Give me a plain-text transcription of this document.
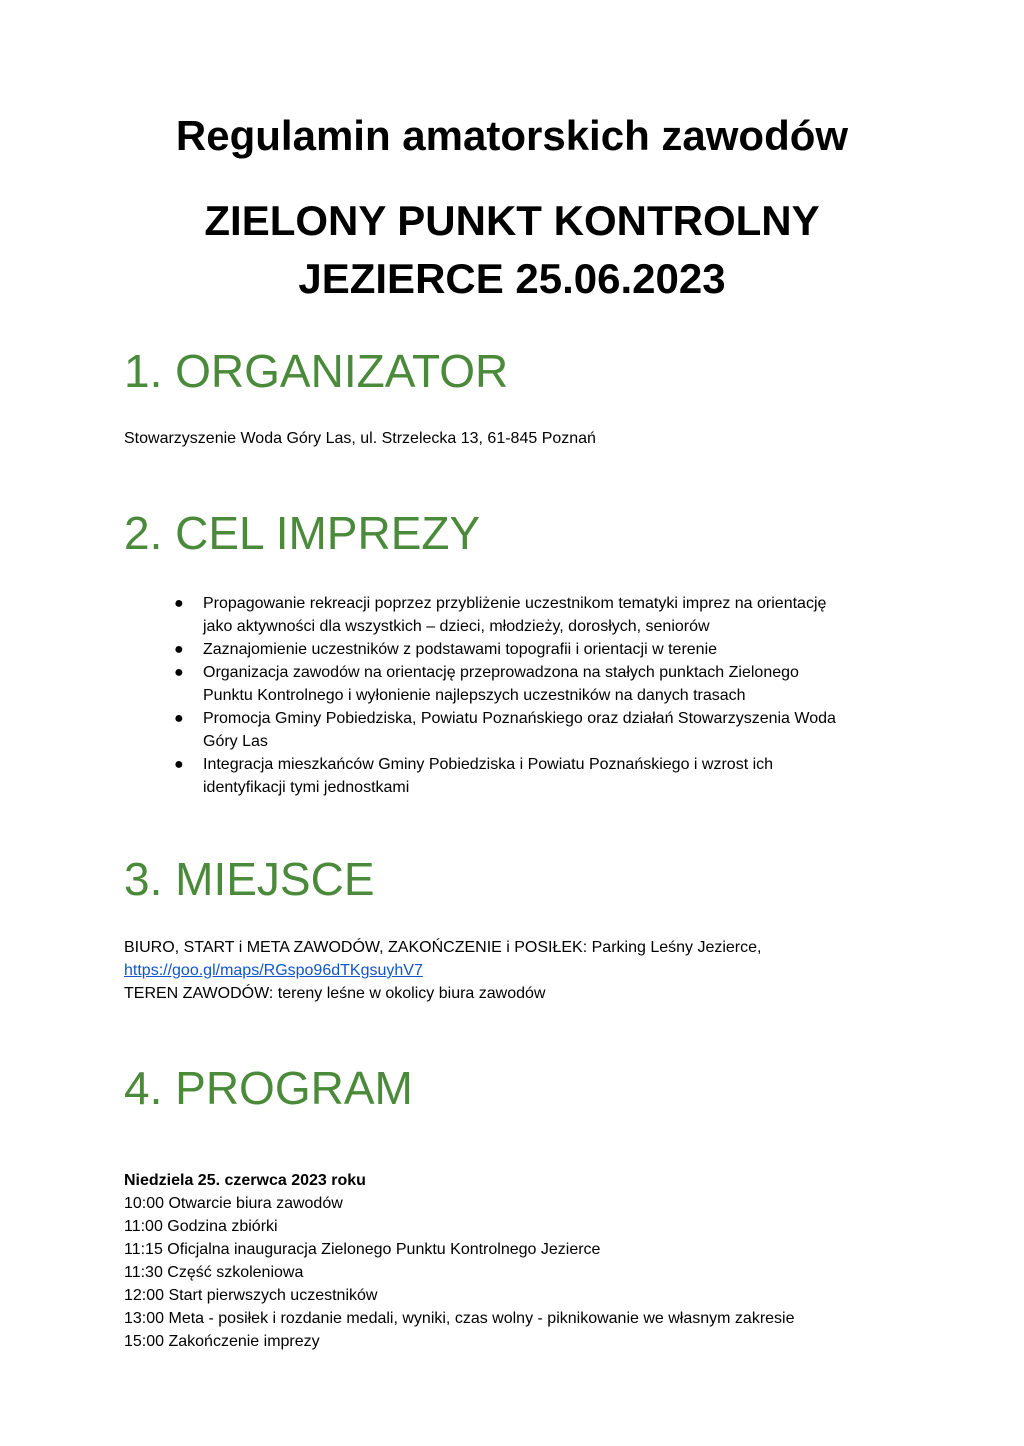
Regulamin amatorskich zawodów
ZIELONY PUNKT KONTROLNY
JEZIERCE 25.06.2023
1. ORGANIZATOR

Stowarzyszenie Woda Góry Las, ul. Strzelecka 13, 61-845 Poznań

2. CEL IMPREZY
● Propagowanie rekreacji poprzez przybliżenie uczestnikom tematyki imprez na orientację
jako aktywności dla wszystkich – dzieci, młodzieży, dorosłych, seniorów
● Zaznajomienie uczestników z podstawami topografii i orientacji w terenie
● Organizacja zawodów na orientację przeprowadzona na stałych punktach Zielonego
Punktu Kontrolnego i wyłonienie najlepszych uczestników na danych trasach
● Promocja Gminy Pobiedziska, Powiatu Poznańskiego oraz działań Stowarzyszenia Woda
Góry Las
● Integracja mieszkańców Gminy Pobiedziska i Powiatu Poznańskiego i wzrost ich
identyfikacji tymi jednostkami
3. MIEJSCE
BIURO, START i META ZAWODÓW, ZAKOŃCZENIE i POSIŁEK: Parking Leśny Jezierce,
https://goo.gl/maps/RGspo96dTKgsuyhV7
TEREN ZAWODÓW: tereny leśne w okolicy biura zawodów
4. PROGRAM
Niedziela 25. czerwca 2023 roku
10:00 Otwarcie biura zawodów
11:00 Godzina zbiórki
11:15 Oficjalna inauguracja Zielonego Punktu Kontrolnego Jezierce
11:30 Część szkoleniowa
12:00 Start pierwszych uczestników
13:00 Meta - posiłek i rozdanie medali, wyniki, czas wolny - piknikowanie we własnym zakresie
15:00 Zakończenie imprezy
